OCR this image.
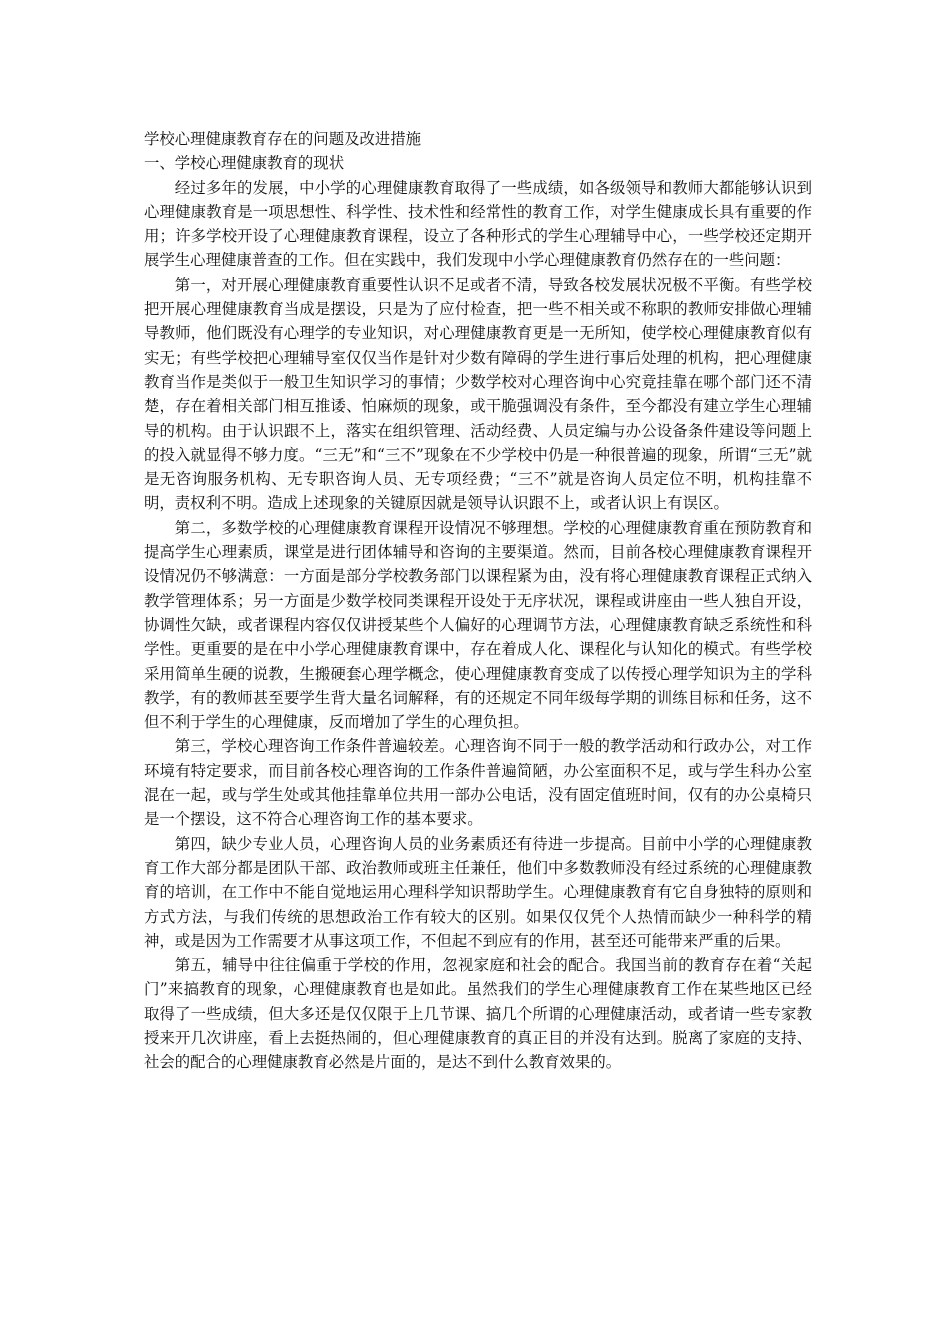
学校心理健康教育存在的问题及改进措施
一、学校心理健康教育的现状

经过多年的发展，中小学的心理健康教育取得了一些成绩，如各级领导和教师大都能够认识到心理健康教育是一项思想性、科学性、技术性和经常性的教育工作，对学生健康成长具有重要的作用；许多学校开设了心理健康教育课程，设立了各种形式的学生心理辅导中心，一些学校还定期开展学生心理健康普查的工作。但在实践中，我们发现中小学心理健康教育仍然存在的一些问题：

第一，对开展心理健康教育重要性认识不足或者不清，导致各校发展状况极不平衡。有些学校把开展心理健康教育当成是摆设，只是为了应付检查，把一些不相关或不称职的教师安排做心理辅导教师，他们既没有心理学的专业知识，对心理健康教育更是一无所知，使学校心理健康教育似有实无；有些学校把心理辅导室仅仅当作是针对少数有障碍的学生进行事后处理的机构，把心理健康教育当作是类似于一般卫生知识学习的事情；少数学校对心理咨询中心究竟挂靠在哪个部门还不清楚，存在着相关部门相互推诿、怕麻烦的现象，或干脆强调没有条件，至今都没有建立学生心理辅导的机构。由于认识跟不上，落实在组织管理、活动经费、人员定编与办公设备条件建设等问题上的投入就显得不够力度。“三无”和“三不”现象在不少学校中仍是一种很普遍的现象，所谓“三无”就是无咨询服务机构、无专职咨询人员、无专项经费；“三不”就是咨询人员定位不明，机构挂靠不明，责权利不明。造成上述现象的关键原因就是领导认识跟不上，或者认识上有误区。

第二，多数学校的心理健康教育课程开设情况不够理想。学校的心理健康教育重在预防教育和提高学生心理素质，课堂是进行团体辅导和咨询的主要渠道。然而，目前各校心理健康教育课程开设情况仍不够满意：一方面是部分学校教务部门以课程紧为由，没有将心理健康教育课程正式纳入教学管理体系；另一方面是少数学校同类课程开设处于无序状况，课程或讲座由一些人独自开设，协调性欠缺，或者课程内容仅仅讲授某些个人偏好的心理调节方法，心理健康教育缺乏系统性和科学性。更重要的是在中小学心理健康教育课中，存在着成人化、课程化与认知化的模式。有些学校采用简单生硬的说教，生搬硬套心理学概念，使心理健康教育变成了以传授心理学知识为主的学科教学，有的教师甚至要学生背大量名词解释，有的还规定不同年级每学期的训练目标和任务，这不但不利于学生的心理健康，反而增加了学生的心理负担。

第三，学校心理咨询工作条件普遍较差。心理咨询不同于一般的教学活动和行政办公，对工作环境有特定要求，而目前各校心理咨询的工作条件普遍简陋，办公室面积不足，或与学生科办公室混在一起，或与学生处或其他挂靠单位共用一部办公电话，没有固定值班时间，仅有的办公桌椅只是一个摆设，这不符合心理咨询工作的基本要求。

第四，缺少专业人员，心理咨询人员的业务素质还有待进一步提高。目前中小学的心理健康教育工作大部分都是团队干部、政治教师或班主任兼任，他们中多数教师没有经过系统的心理健康教育的培训，在工作中不能自觉地运用心理科学知识帮助学生。心理健康教育有它自身独特的原则和方式方法，与我们传统的思想政治工作有较大的区别。如果仅仅凭个人热情而缺少一种科学的精神，或是因为工作需要才从事这项工作，不但起不到应有的作用，甚至还可能带来严重的后果。

第五，辅导中往往偏重于学校的作用，忽视家庭和社会的配合。我国当前的教育存在着“关起门”来搞教育的现象，心理健康教育也是如此。虽然我们的学生心理健康教育工作在某些地区已经取得了一些成绩，但大多还是仅仅限于上几节课、搞几个所谓的心理健康活动，或者请一些专家教授来开几次讲座，看上去挺热闹的，但心理健康教育的真正目的并没有达到。脱离了家庭的支持、社会的配合的心理健康教育必然是片面的，是达不到什么教育效果的。
